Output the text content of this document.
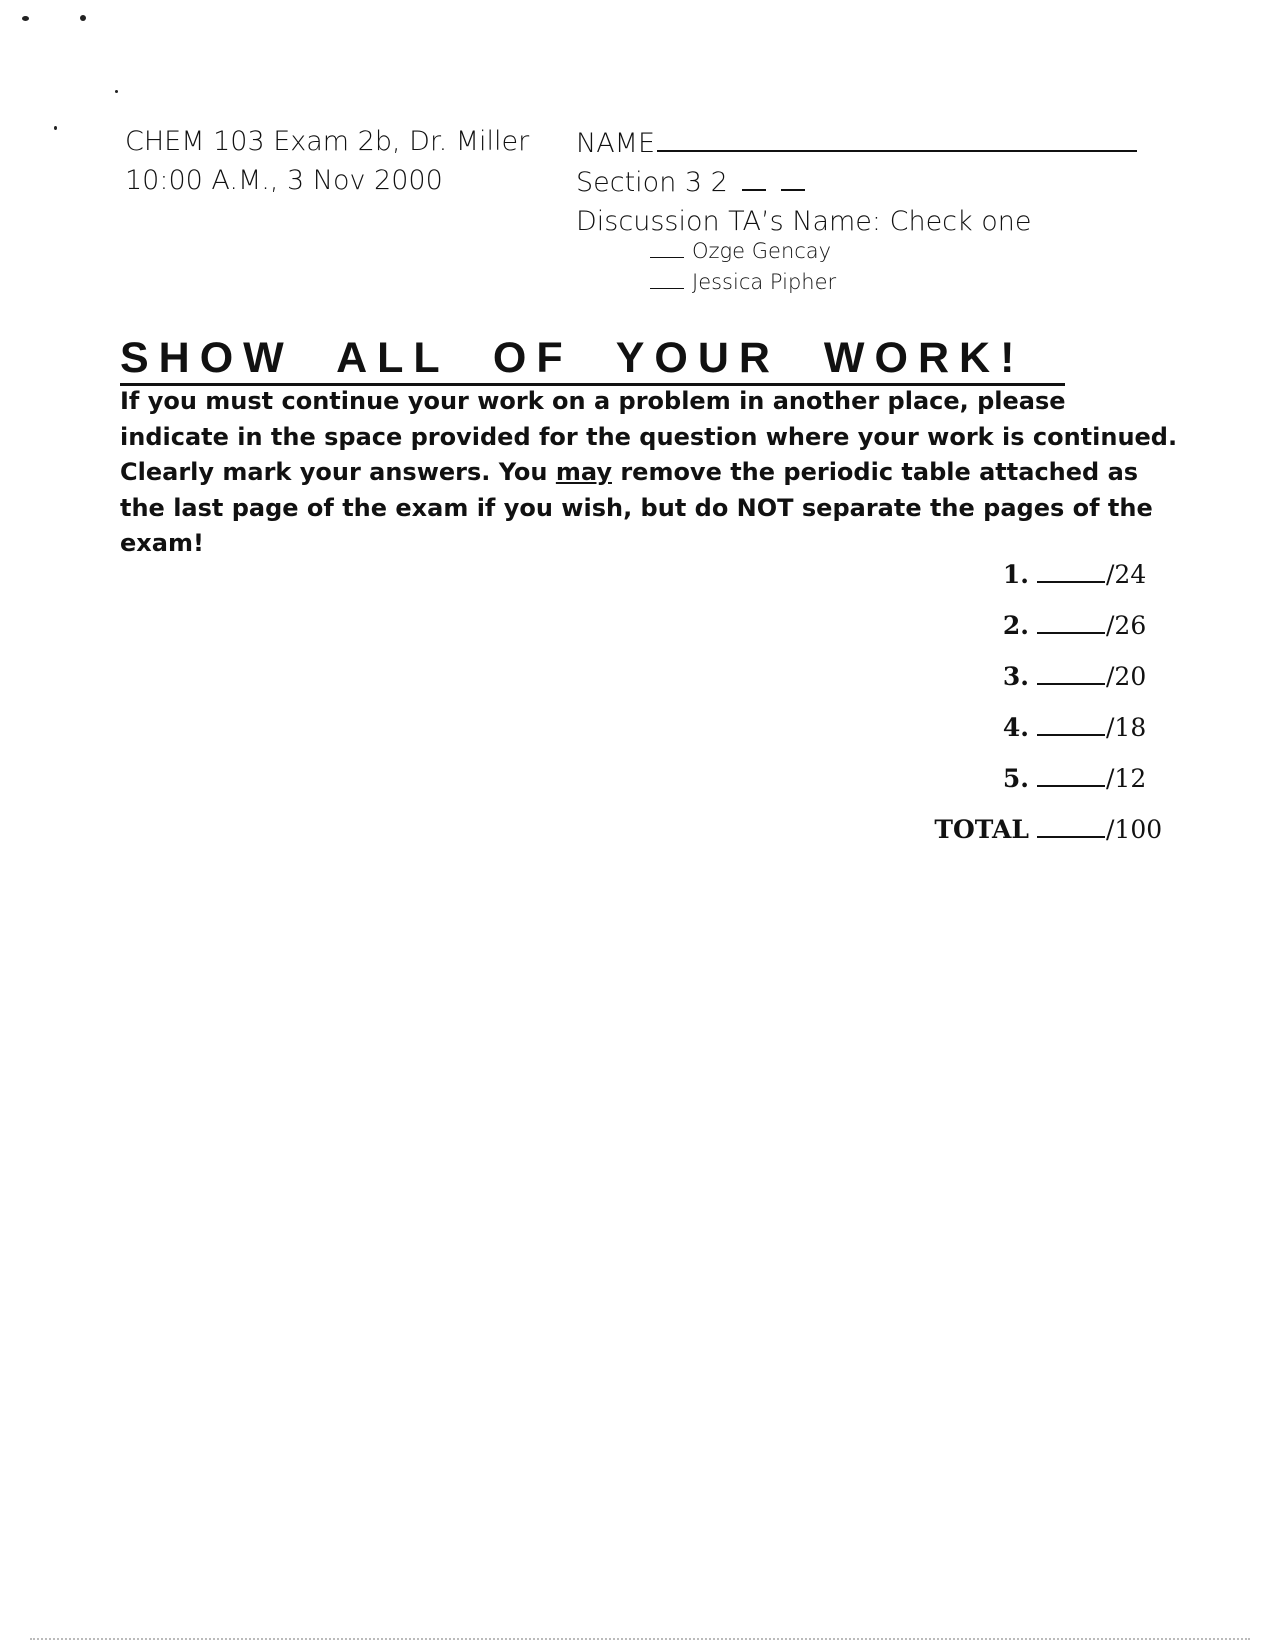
CHEM 103 Exam 2b, Dr. Miller
10:00 A.M., 3 Nov 2000
NAME
Section 3 2
Discussion TA’s Name: Check one
Ozge Gencay
Jessica Pipher
SHOW ALL OF YOUR WORK!
If you must continue your work on a problem in another place, please indicate in the space provided for the question where your work is continued. Clearly mark your answers. You may remove the periodic table attached as the last page of the exam if you wish, but do NOT separate the pages of the exam!
1.	/24
2.	/26
3.	/20
4.	/18
5.	/12
TOTAL	/100
